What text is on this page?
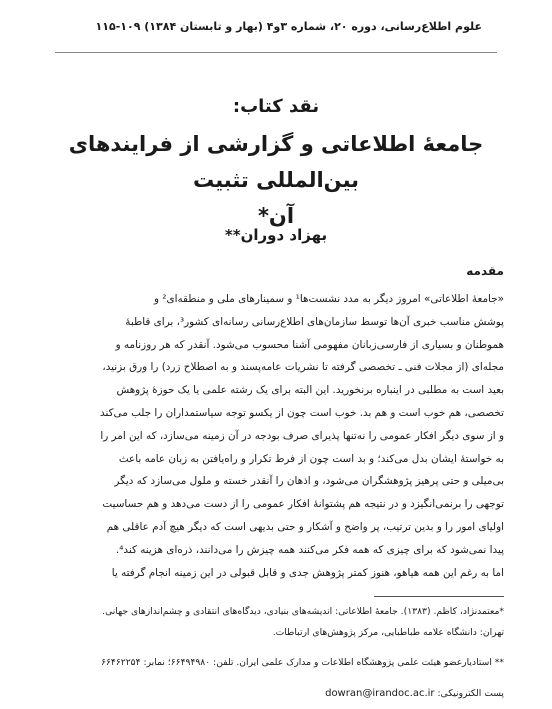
علوم اطلاع‌رسانی، دوره ۲۰، شماره ۳و۴ (بهار و تابستان ۱۳۸۴) ۱۰۹-۱۱۵
نقد کتاب:
جامعهٔ اطلاعاتی و گزارشی از فرایندهای بین‌المللی تثبیت
آن*
بهزاد دوران**
مقدمه
«جامعهٔ اطلاعاتی» امروز دیگر به مدد نشست‌ها¹ و سمینارهای ملی و منطقه‌ای² و
پوشش مناسب خبری آن‌ها توسط سازمان‌های اطلاع‌رسانی رسانه‌ای کشور³، برای قاطبهٔ
هموطنان و بسیاری از فارسی‌زبانان مفهومی آشنا محسوب می‌شود. آنقدر که هر روزنامه و
مجله‌ای (از مجلات فنی ـ تخصصی گرفته تا نشریات عامه‌پسند و به اصطلاح زرد) را ورق بزنید،
بعید است به مطلبی در اینباره برنخورید. این البته برای یک رشته علمی یا یک حوزهٔ پژوهش
تخصصی، هم خوب است و هم بد. خوب است چون از یکسو توجه سیاستمداران را جلب می‌کند
و از سوی دیگر افکار عمومی را نه‌تنها پذیرای صرف بودجه در آن زمینه می‌سازد، که این امر را
به خواستهٔ ایشان بدل می‌کند؛ و بد است چون از فرط تکرار و راه‌یافتن به زبان عامه باعث
بی‌میلی و حتی پرهیز پژوهشگران می‌شود، و اذهان را آنقدر خسته و ملول می‌سازد که دیگر
توجهی را برنمی‌انگیزد و در نتیجه هم پشتوانهٔ افکار عمومی را از دست می‌دهد و هم حساسیت
اولیای امور را و بدین ترتیب، پر واضح و آشکار و حتی بدیهی است که دیگر هیچ آدم عاقلی هم
پیدا نمی‌شود که برای چیزی که همه فکر می‌کنند همه چیزش را می‌دانند، ذره‌ای هزینه کند⁴.
اما به رغم این همه هیاهو، هنوز کمتر پژوهش جدی و قابل قبولی در این زمینه انجام گرفته یا
*معتمدنژاد، کاظم. (۱۳۸۳). جامعهٔ اطلاعاتی: اندیشه‌های بنیادی، دیدگاه‌های انتقادی و چشم‌اندازهای جهانی.
تهران: دانشگاه علامه طباطبایی، مرکز پژوهش‌های ارتباطات.
** استادیار‌عضو هیئت علمی پژوهشگاه اطلاعات و مدارک علمی ایران. تلفن: ۶۶۴۹۴۹۸۰؛ نمابر: ۶۶۴۶۲۲۵۴
پست الکترونیکی: dowran@irandoc.ac.ir
